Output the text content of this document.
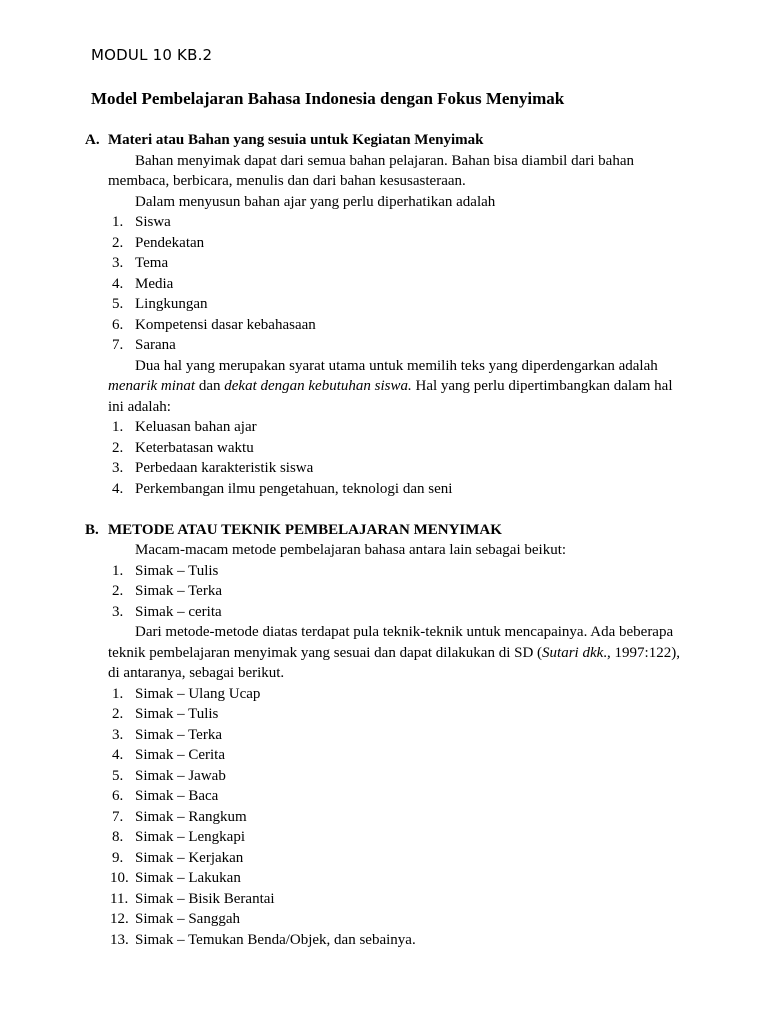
MODUL 10 KB.2
Model Pembelajaran Bahasa Indonesia dengan Fokus Menyimak
A. Materi atau Bahan yang sesuia untuk Kegiatan Menyimak

Bahan menyimak dapat dari semua bahan pelajaran. Bahan bisa diambil dari bahan membaca, berbicara, menulis dan dari bahan kesusasteraan.

Dalam menyusun bahan ajar yang perlu diperhatikan adalah

1. Siswa
2. Pendekatan
3. Tema
4. Media
5. Lingkungan
6. Kompetensi dasar kebahasaan
7. Sarana

Dua hal yang merupakan syarat utama untuk memilih teks yang diperdengarkan adalah menarik minat dan dekat dengan kebutuhan siswa. Hal yang perlu dipertimbangkan dalam hal ini adalah:

1. Keluasan bahan ajar
2. Keterbatasan waktu
3. Perbedaan karakteristik siswa
4. Perkembangan ilmu pengetahuan, teknologi dan seni
B. METODE ATAU TEKNIK PEMBELAJARAN MENYIMAK

Macam-macam metode pembelajaran bahasa antara lain sebagai beikut:

1. Simak – Tulis
2. Simak – Terka
3. Simak – cerita

Dari metode-metode diatas terdapat pula teknik-teknik untuk mencapainya. Ada beberapa teknik pembelajaran menyimak yang sesuai dan dapat dilakukan di SD (Sutari dkk., 1997:122), di antaranya, sebagai berikut.

1. Simak – Ulang Ucap
2. Simak – Tulis
3. Simak – Terka
4. Simak – Cerita
5. Simak – Jawab
6. Simak – Baca
7. Simak – Rangkum
8. Simak – Lengkapi
9. Simak – Kerjakan
10. Simak – Lakukan
11. Simak – Bisik Berantai
12. Simak – Sanggah
13. Simak – Temukan Benda/Objek, dan sebainya.
